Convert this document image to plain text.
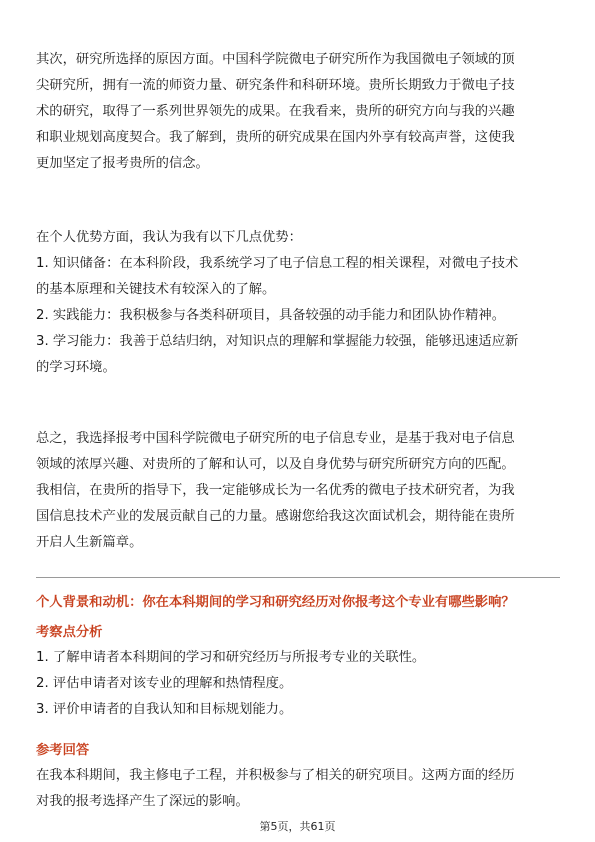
其次，研究所选择的原因方面。中国科学院微电子研究所作为我国微电子领域的顶
尖研究所，拥有一流的师资力量、研究条件和科研环境。贵所长期致力于微电子技
术的研究，取得了一系列世界领先的成果。在我看来，贵所的研究方向与我的兴趣
和职业规划高度契合。我了解到，贵所的研究成果在国内外享有较高声誉，这使我
更加坚定了报考贵所的信念。
在个人优势方面，我认为我有以下几点优势：
1. 知识储备：在本科阶段，我系统学习了电子信息工程的相关课程，对微电子技术
的基本原理和关键技术有较深入的了解。
2. 实践能力：我积极参与各类科研项目，具备较强的动手能力和团队协作精神。
3. 学习能力：我善于总结归纳，对知识点的理解和掌握能力较强，能够迅速适应新
的学习环境。
总之，我选择报考中国科学院微电子研究所的电子信息专业，是基于我对电子信息
领域的浓厚兴趣、对贵所的了解和认可，以及自身优势与研究所研究方向的匹配。
我相信，在贵所的指导下，我一定能够成长为一名优秀的微电子技术研究者，为我
国信息技术产业的发展贡献自己的力量。感谢您给我这次面试机会，期待能在贵所
开启人生新篇章。
个人背景和动机：你在本科期间的学习和研究经历对你报考这个专业有哪些影响？
考察点分析
1. 了解申请者本科期间的学习和研究经历与所报考专业的关联性。
2. 评估申请者对该专业的理解和热情程度。
3. 评价申请者的自我认知和目标规划能力。
参考回答
在我本科期间，我主修电子工程，并积极参与了相关的研究项目。这两方面的经历
对我的报考选择产生了深远的影响。
第5页，共61页
